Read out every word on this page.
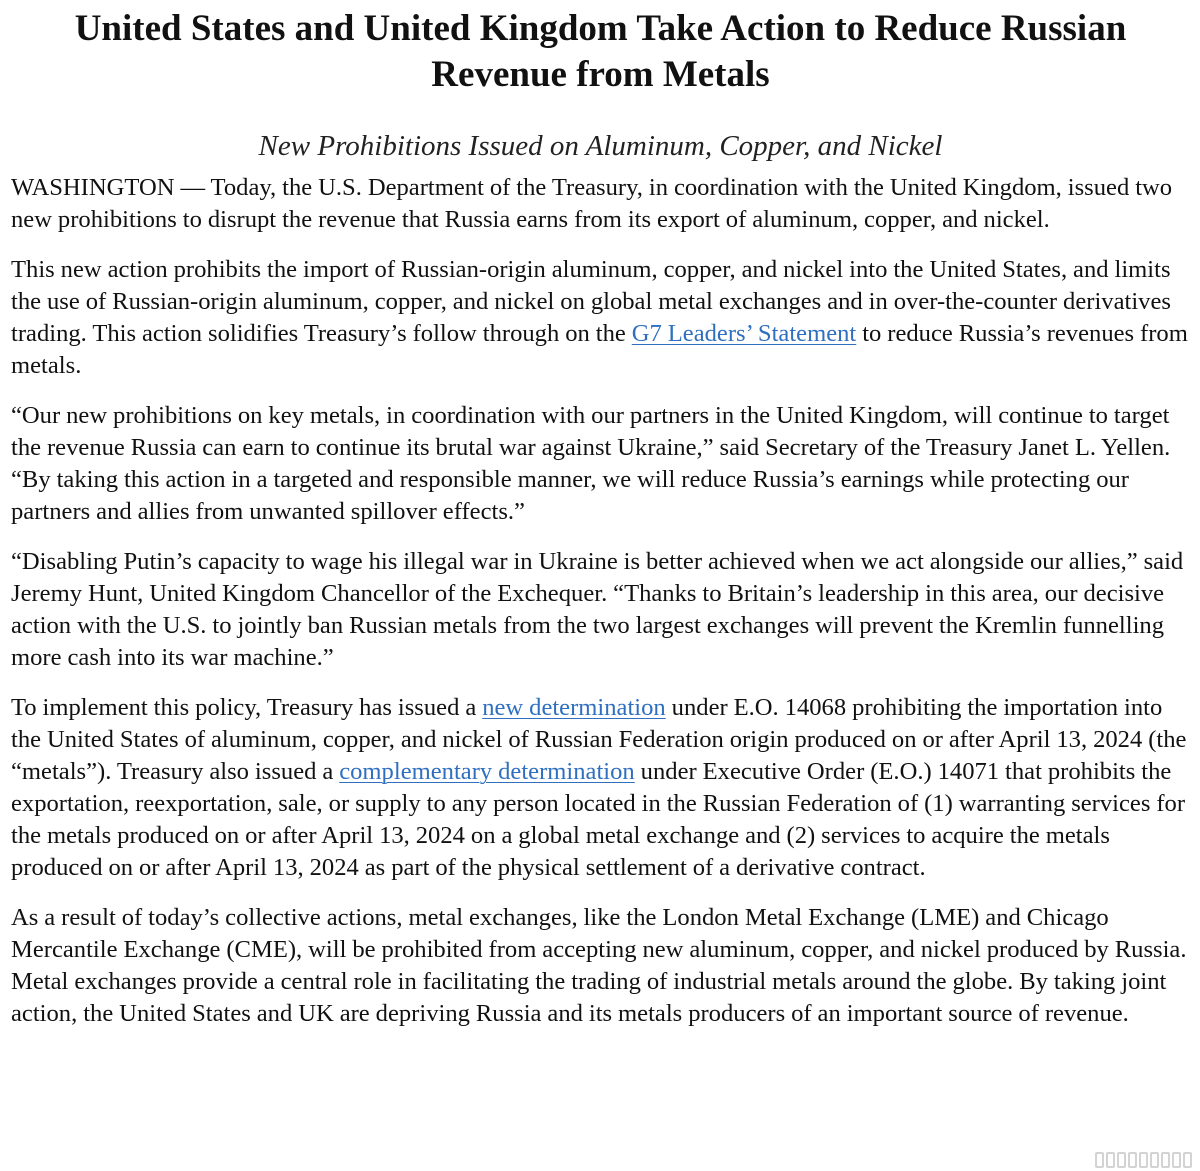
United States and United Kingdom Take Action to Reduce Russian Revenue from Metals
New Prohibitions Issued on Aluminum, Copper, and Nickel

WASHINGTON — Today, the U.S. Department of the Treasury, in coordination with the United Kingdom, issued two new prohibitions to disrupt the revenue that Russia earns from its export of aluminum, copper, and nickel.

This new action prohibits the import of Russian-origin aluminum, copper, and nickel into the United States, and limits the use of Russian-origin aluminum, copper, and nickel on global metal exchanges and in over-the-counter derivatives trading. This action solidifies Treasury’s follow through on the G7 Leaders’ Statement to reduce Russia’s revenues from metals.

“Our new prohibitions on key metals, in coordination with our partners in the United Kingdom, will continue to target the revenue Russia can earn to continue its brutal war against Ukraine,” said Secretary of the Treasury Janet L. Yellen. “By taking this action in a targeted and responsible manner, we will reduce Russia’s earnings while protecting our partners and allies from unwanted spillover effects.”

“Disabling Putin’s capacity to wage his illegal war in Ukraine is better achieved when we act alongside our allies,” said Jeremy Hunt, United Kingdom Chancellor of the Exchequer. “Thanks to Britain’s leadership in this area, our decisive action with the U.S. to jointly ban Russian metals from the two largest exchanges will prevent the Kremlin funnelling more cash into its war machine.”

To implement this policy, Treasury has issued a new determination under E.O. 14068 prohibiting the importation into the United States of aluminum, copper, and nickel of Russian Federation origin produced on or after April 13, 2024 (the “metals”). Treasury also issued a complementary determination under Executive Order (E.O.) 14071 that prohibits the exportation, reexportation, sale, or supply to any person located in the Russian Federation of (1) warranting services for the metals produced on or after April 13, 2024 on a global metal exchange and (2) services to acquire the metals produced on or after April 13, 2024 as part of the physical settlement of a derivative contract.

As a result of today’s collective actions, metal exchanges, like the London Metal Exchange (LME) and Chicago Mercantile Exchange (CME), will be prohibited from accepting new aluminum, copper, and nickel produced by Russia. Metal exchanges provide a central role in facilitating the trading of industrial metals around the globe. By taking joint action, the United States and UK are depriving Russia and its metals producers of an important source of revenue.
